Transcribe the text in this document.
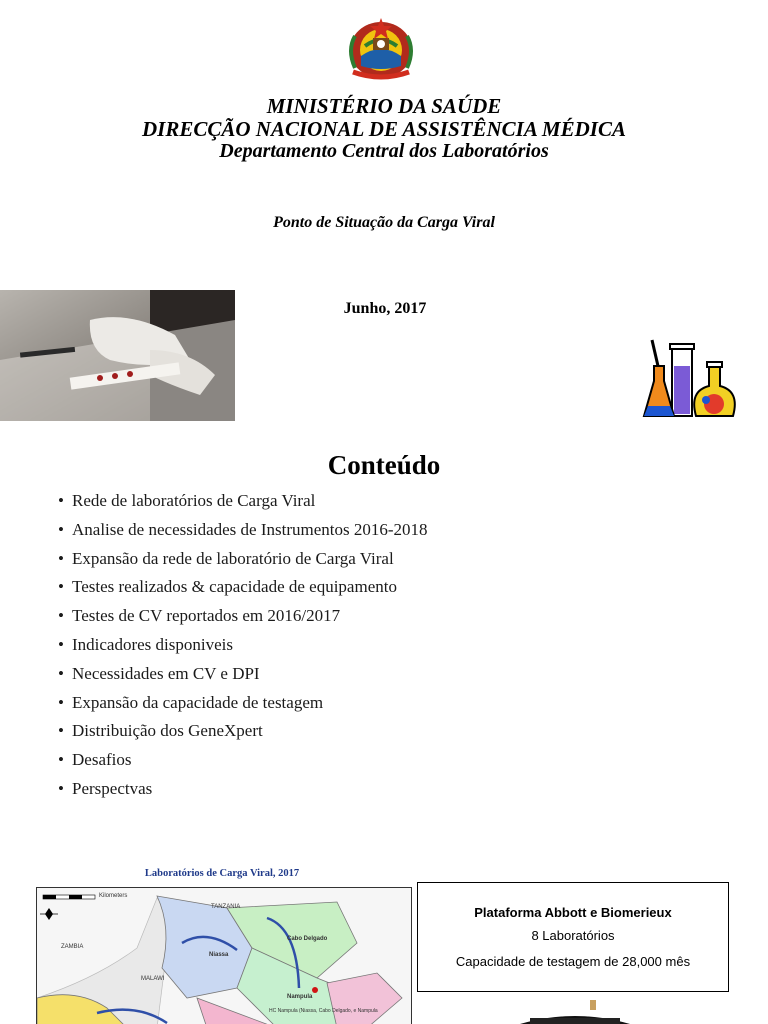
MINISTÉRIO DA SAÚDE
DIRECÇÃO NACIONAL DE ASSISTÊNCIA MÉDICA
Departamento Central dos Laboratórios
Ponto de Situação da Carga Viral
Junho, 2017
Conteúdo
• Rede de laboratórios de Carga Viral
• Analise de necessidades de Instrumentos 2016-2018
• Expansão da rede de laboratório de Carga Viral
• Testes realizados & capacidade de equipamento
• Testes de CV reportados em 2016/2017
• Indicadores disponiveis
• Necessidades em CV e DPI
• Expansão da capacidade de testagem
• Distribuição dos GeneXpert
• Desafios
• Perspectvas
Laboratórios de Carga Viral, 2017
Kilometers
TANZANIA
ZAMBIA
MALAWI
Niassa
Cabo Delgado
Nampula
HC Nampula (Niassa, Cabo Delgado, e Nampula
Plataforma Abbott e Biomerieux
8 Laboratórios
Capacidade de testagem de 28,000 mês
